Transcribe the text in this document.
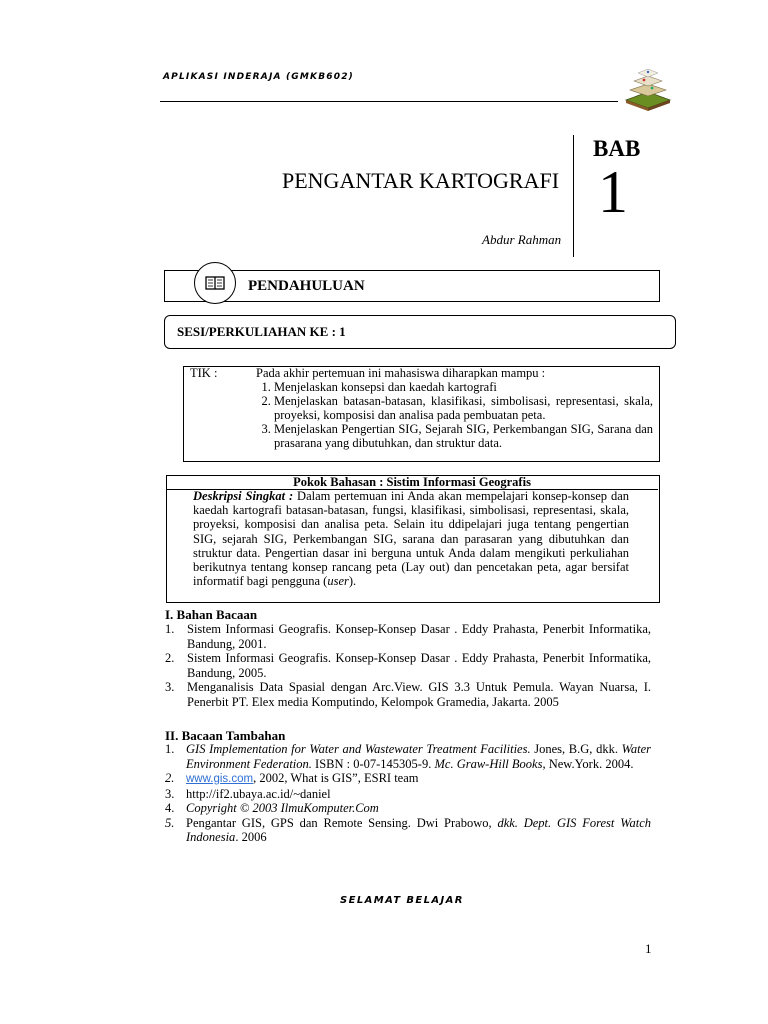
APLIKASI INDERAJA (GMKB602)
PENGANTAR KARTOGRAFI
Abdur Rahman
BAB
1
PENDAHULUAN
SESI/PERKULIAHAN KE : 1
TIK :	Pada akhir pertemuan ini mahasiswa diharapkan mampu :
1. Menjelaskan konsepsi dan kaedah kartografi
2. Menjelaskan batasan-batasan, klasifikasi, simbolisasi, representasi, skala, proyeksi, komposisi dan analisa pada pembuatan peta.
3. Menjelaskan Pengertian SIG, Sejarah SIG, Perkembangan SIG, Sarana dan prasarana yang dibutuhkan, dan struktur data.
Pokok Bahasan : Sistim Informasi Geografis
Deskripsi Singkat : Dalam pertemuan ini Anda akan mempelajari konsep-konsep dan kaedah kartografi batasan-batasan, fungsi, klasifikasi, simbolisasi, representasi, skala, proyeksi, komposisi dan analisa peta. Selain itu ddipelajari juga tentang pengertian SIG, sejarah SIG, Perkembangan SIG, sarana dan parasaran yang dibutuhkan dan struktur data. Pengertian dasar ini berguna untuk Anda dalam mengikuti perkuliahan berikutnya tentang konsep rancang peta (Lay out) dan pencetakan peta, agar bersifat informatif bagi pengguna (user).
I. Bahan Bacaan
1.	Sistem Informasi Geografis. Konsep-Konsep Dasar . Eddy Prahasta, Penerbit Informatika, Bandung, 2001.
2.	Sistem Informasi Geografis. Konsep-Konsep Dasar . Eddy Prahasta, Penerbit Informatika, Bandung, 2005.
3.	Menganalisis Data Spasial dengan Arc.View. GIS 3.3 Untuk Pemula. Wayan Nuarsa, I. Penerbit PT. Elex media Komputindo, Kelompok Gramedia, Jakarta. 2005
II. Bacaan Tambahan
1. GIS Implementation for Water and Wastewater Treatment Facilities. Jones, B.G, dkk. Water Environment Federation. ISBN : 0-07-145305-9. Mc. Graw-Hill Books, New.York. 2004.
2.	www.gis.com, 2002, What is GIS”, ESRI team
3. http://if2.ubaya.ac.id/~daniel
4. Copyright © 2003 IlmuKomputer.Com
5. Pengantar GIS, GPS dan Remote Sensing. Dwi Prabowo, dkk. Dept. GIS Forest Watch Indonesia. 2006
SELAMAT BELAJAR
1
